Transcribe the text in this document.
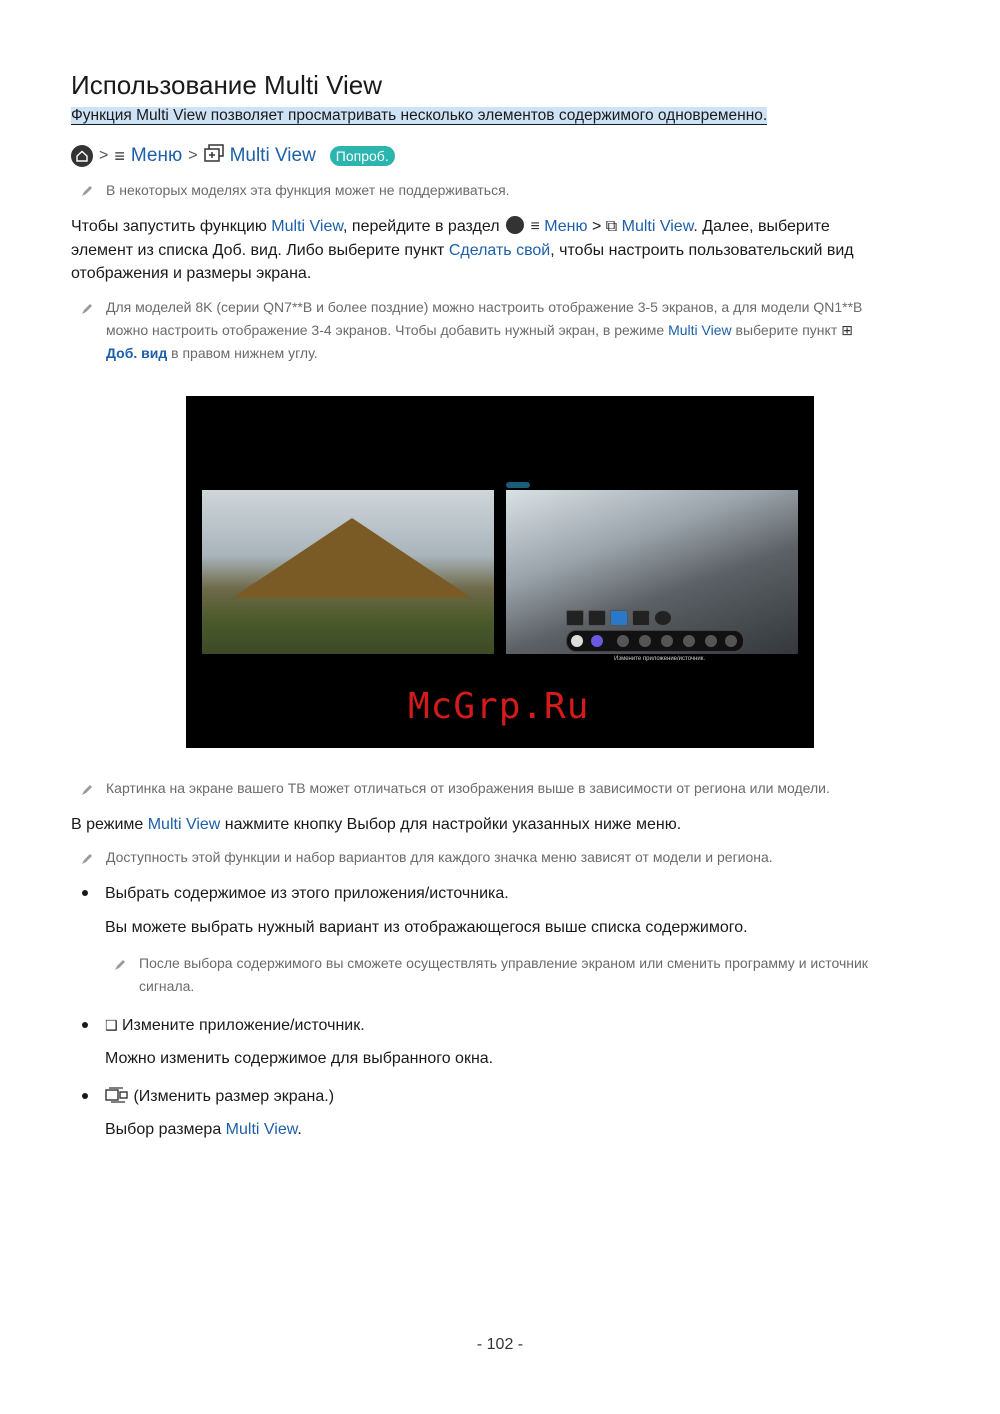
Использование Multi View
Функция Multi View позволяет просматривать несколько элементов содержимого одновременно.
> ≡ Меню > Multi View	Попроб.
В некоторых моделях эта функция может не поддерживаться.
Чтобы запустить функцию Multi View, перейдите в раздел  ≡ Меню > ⧉ Multi View. Далее, выберите
элемент из списка Доб. вид. Либо выберите пункт Сделать свой, чтобы настроить пользовательский вид
отображения и размеры экрана.
Для моделей 8K (серии QN7**B и более поздние) можно настроить отображение 3-5 экранов, а для модели QN1**B
можно настроить отображение 3-4 экранов. Чтобы добавить нужный экран, в режиме Multi View выберите пункт ⊞
Доб. вид в правом нижнем углу.
Измените приложение/источник.
McGrp.Ru
Картинка на экране вашего ТВ может отличаться от изображения выше в зависимости от региона или модели.
В режиме Multi View нажмите кнопку Выбор для настройки указанных ниже меню.
Доступность этой функции и набор вариантов для каждого значка меню зависят от модели и региона.
Выбрать содержимое из этого приложения/источника.
Вы можете выбрать нужный вариант из отображающегося выше списка содержимого.
После выбора содержимого вы сможете осуществлять управление экраном или сменить программу и источник
сигнала.
❑ Измените приложение/источник.
Можно изменить содержимое для выбранного окна.
(Изменить размер экрана.)
Выбор размера Multi View.
- 102 -
